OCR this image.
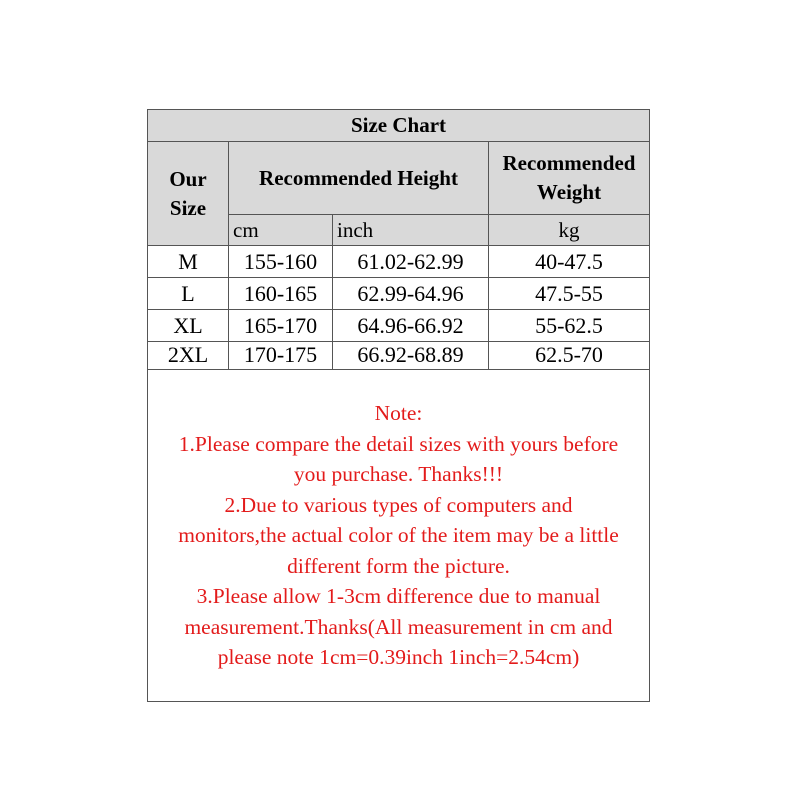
Size Chart
Our
Size
Recommended Height
Recommended
Weight
cm	inch	kg
M	155-160	61.02-62.99	40-47.5
L	160-165	62.99-64.96	47.5-55
XL	165-170	64.96-66.92	55-62.5
2XL	170-175	66.92-68.89	62.5-70
Note:
1.Please compare the detail sizes with yours before
you purchase. Thanks!!!
2.Due to various types of computers and
monitors,the actual color of the item may be a little
different form the picture.
3.Please allow 1-3cm difference due to manual
measurement.Thanks(All measurement in cm and
please note 1cm=0.39inch 1inch=2.54cm)
